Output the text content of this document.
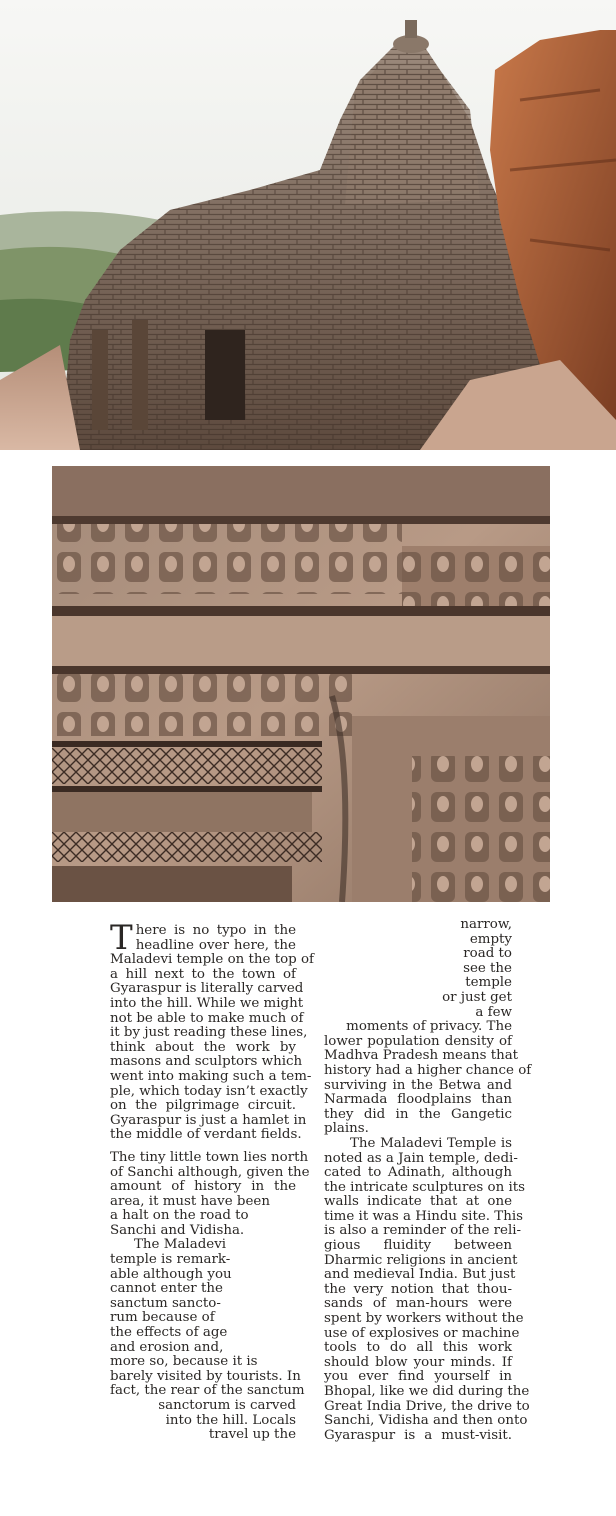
T here is no typo in the
headline over here, the
Maladevi temple on the top of
a hill next to the town of
Gyaraspur is literally carved
into the hill. While we might
not be able to make much of
it by just reading these lines,
think about the work by
masons and sculptors which
went into making such a tem-
ple, which today isn’t exactly
on the pilgrimage circuit.
Gyaraspur is just a hamlet in
the middle of verdant fields.
The tiny little town lies north
of Sanchi although, given the
amount of history in the
area, it must have been
a halt on the road to
Sanchi and Vidisha.
The Maladevi
temple is remark-
able although you
cannot enter the
sanctum sancto-
rum because of
the effects of age
and erosion and,
more so, because it is
barely visited by tourists. In
fact, the rear of the sanctum
sanctorum is carved
into the hill. Locals
travel up the
narrow,
empty
road to
see the
temple
or just get
a few
moments of privacy. The
lower population density of
Madhva Pradesh means that
history had a higher chance of
surviving in the Betwa and
Narmada floodplains than
they did in the Gangetic
plains.
The Maladevi Temple is
noted as a Jain temple, dedi-
cated to Adinath, although
the intricate sculptures on its
walls indicate that at one
time it was a Hindu site. This
is also a reminder of the reli-
gious fluidity between
Dharmic religions in ancient
and medieval India. But just
the very notion that thou-
sands of man-hours were
spent by workers without the
use of explosives or machine
tools to do all this work
should blow your minds. If
you ever find yourself in
Bhopal, like we did during the
Great India Drive, the drive to
Sanchi, Vidisha and then onto
Gyaraspur is a must-visit.
